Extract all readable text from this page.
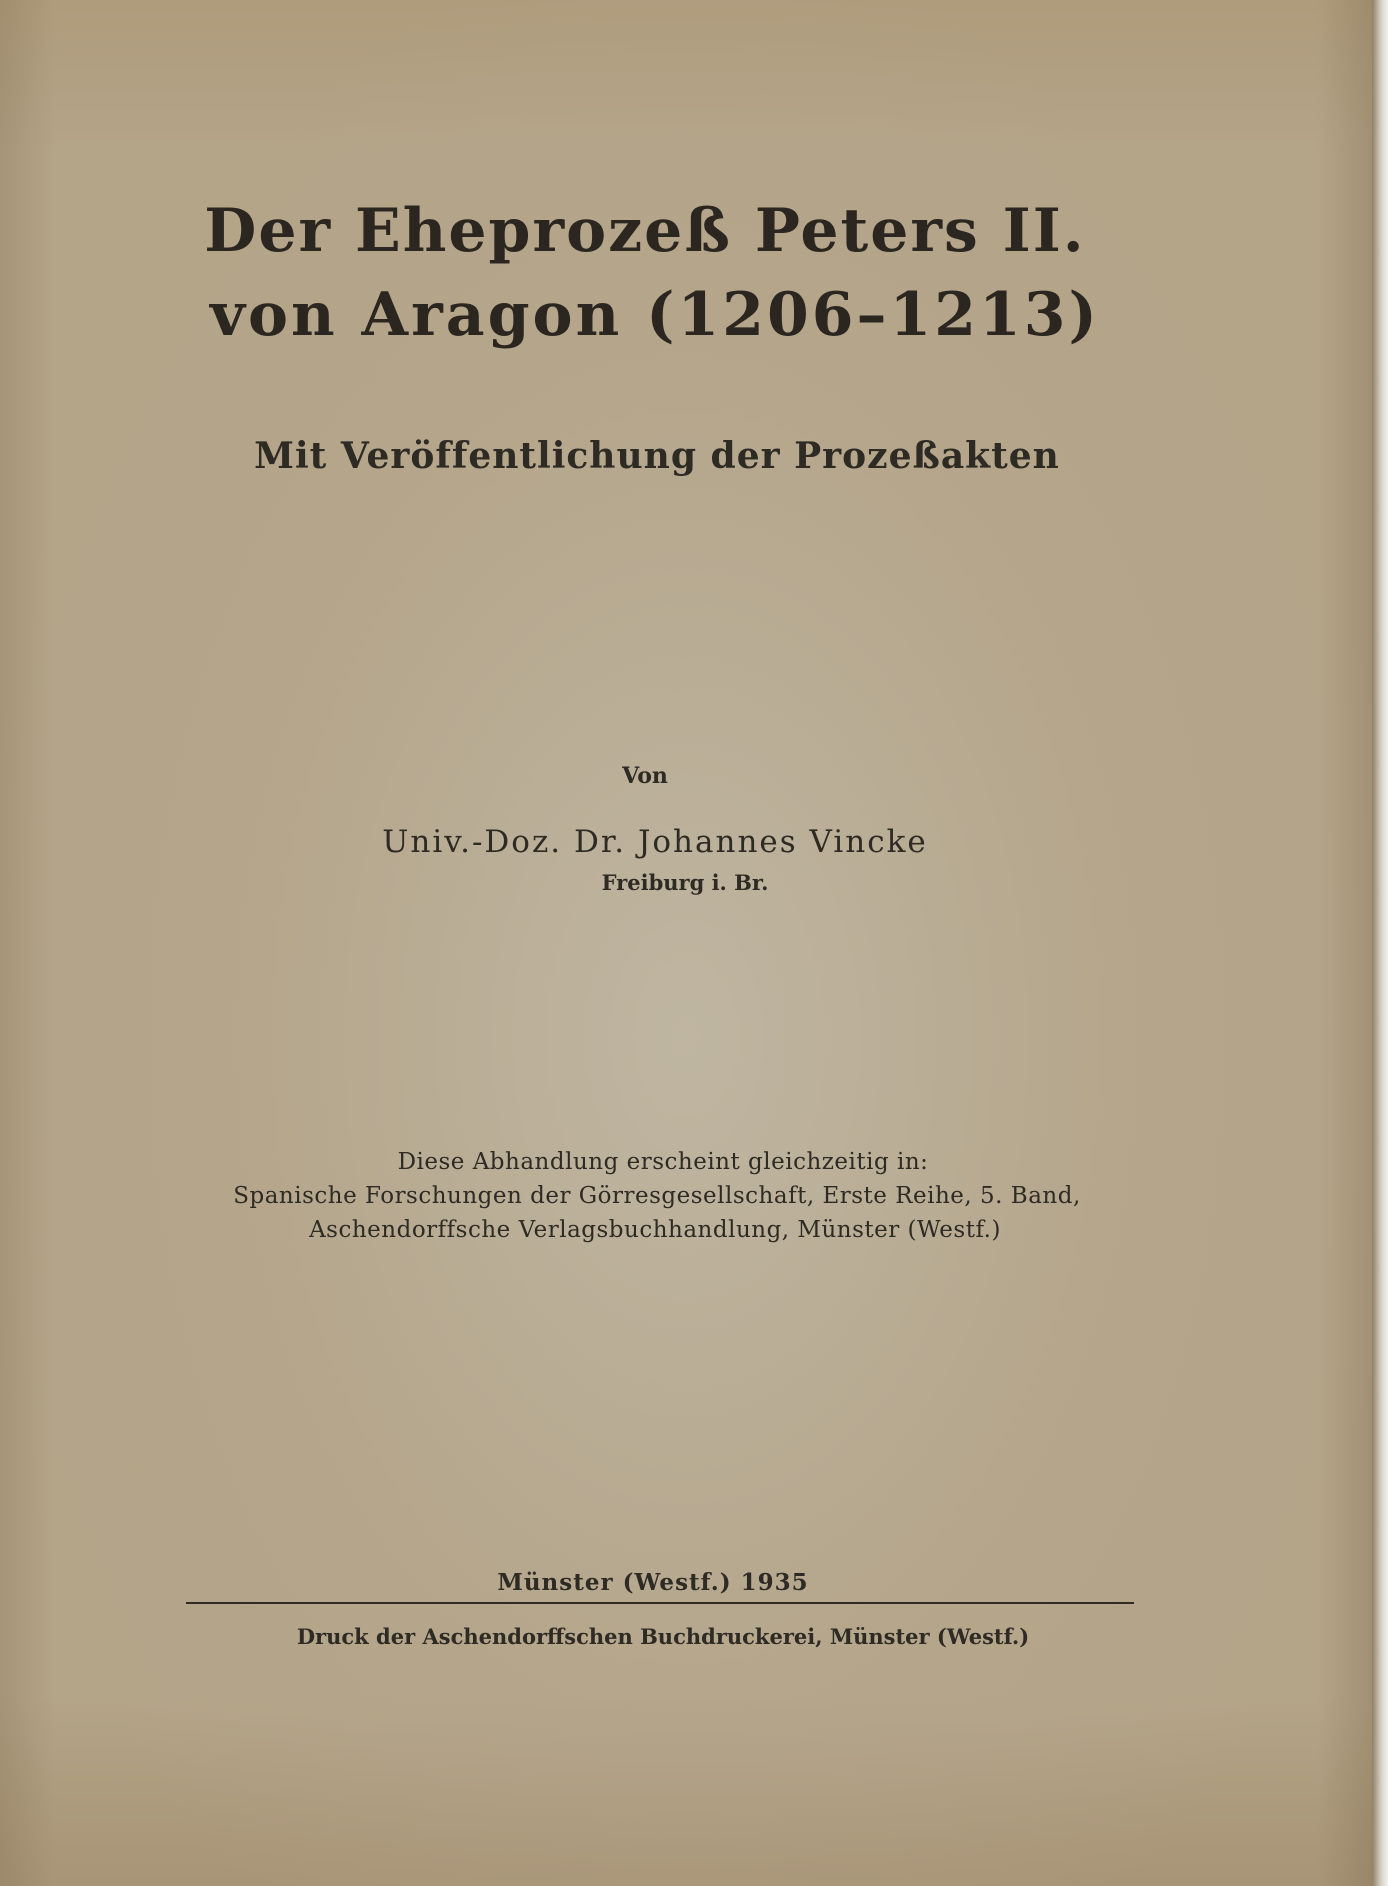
Der Eheprozeß Peters II.
von Aragon (1206–1213)
Mit Veröffentlichung der Prozeßakten
Von
Univ.-Doz. Dr. Johannes Vincke
Freiburg i. Br.
Diese Abhandlung erscheint gleichzeitig in:
Spanische Forschungen der Görresgesellschaft, Erste Reihe, 5. Band,
Aschendorffsche Verlagsbuchhandlung, Münster (Westf.)
Münster (Westf.) 1935
Druck der Aschendorffschen Buchdruckerei, Münster (Westf.)
